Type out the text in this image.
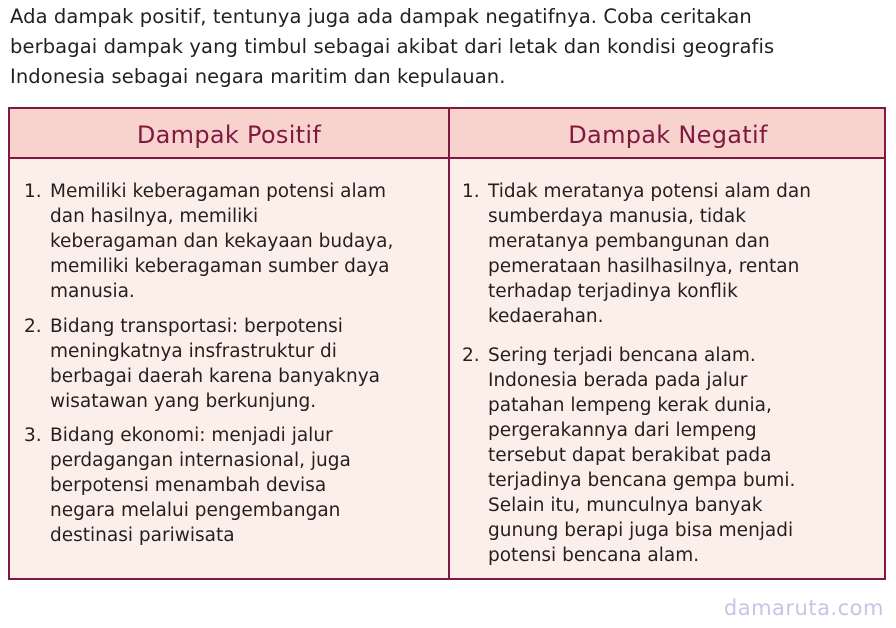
Ada dampak positif, tentunya juga ada dampak negatifnya. Coba ceritakan
berbagai dampak yang timbul sebagai akibat dari letak dan kondisi geografis
Indonesia sebagai negara maritim dan kepulauan.
Dampak Positif	Dampak Negatif
1. Memiliki keberagaman potensi alam
dan hasilnya, memiliki
keberagaman dan kekayaan budaya,
memiliki keberagaman sumber daya
manusia.
2. Bidang transportasi: berpotensi
meningkatnya insfrastruktur di
berbagai daerah karena banyaknya
wisatawan yang berkunjung.
3. Bidang ekonomi: menjadi jalur
perdagangan internasional, juga
berpotensi menambah devisa
negara melalui pengembangan
destinasi pariwisata
1. Tidak meratanya potensi alam dan
sumberdaya manusia, tidak
meratanya pembangunan dan
pemerataan hasilhasilnya, rentan
terhadap terjadinya konflik
kedaerahan.
2. Sering terjadi bencana alam.
Indonesia berada pada jalur
patahan lempeng kerak dunia,
pergerakannya dari lempeng
tersebut dapat berakibat pada
terjadinya bencana gempa bumi.
Selain itu, munculnya banyak
gunung berapi juga bisa menjadi
potensi bencana alam.
damaruta.com
